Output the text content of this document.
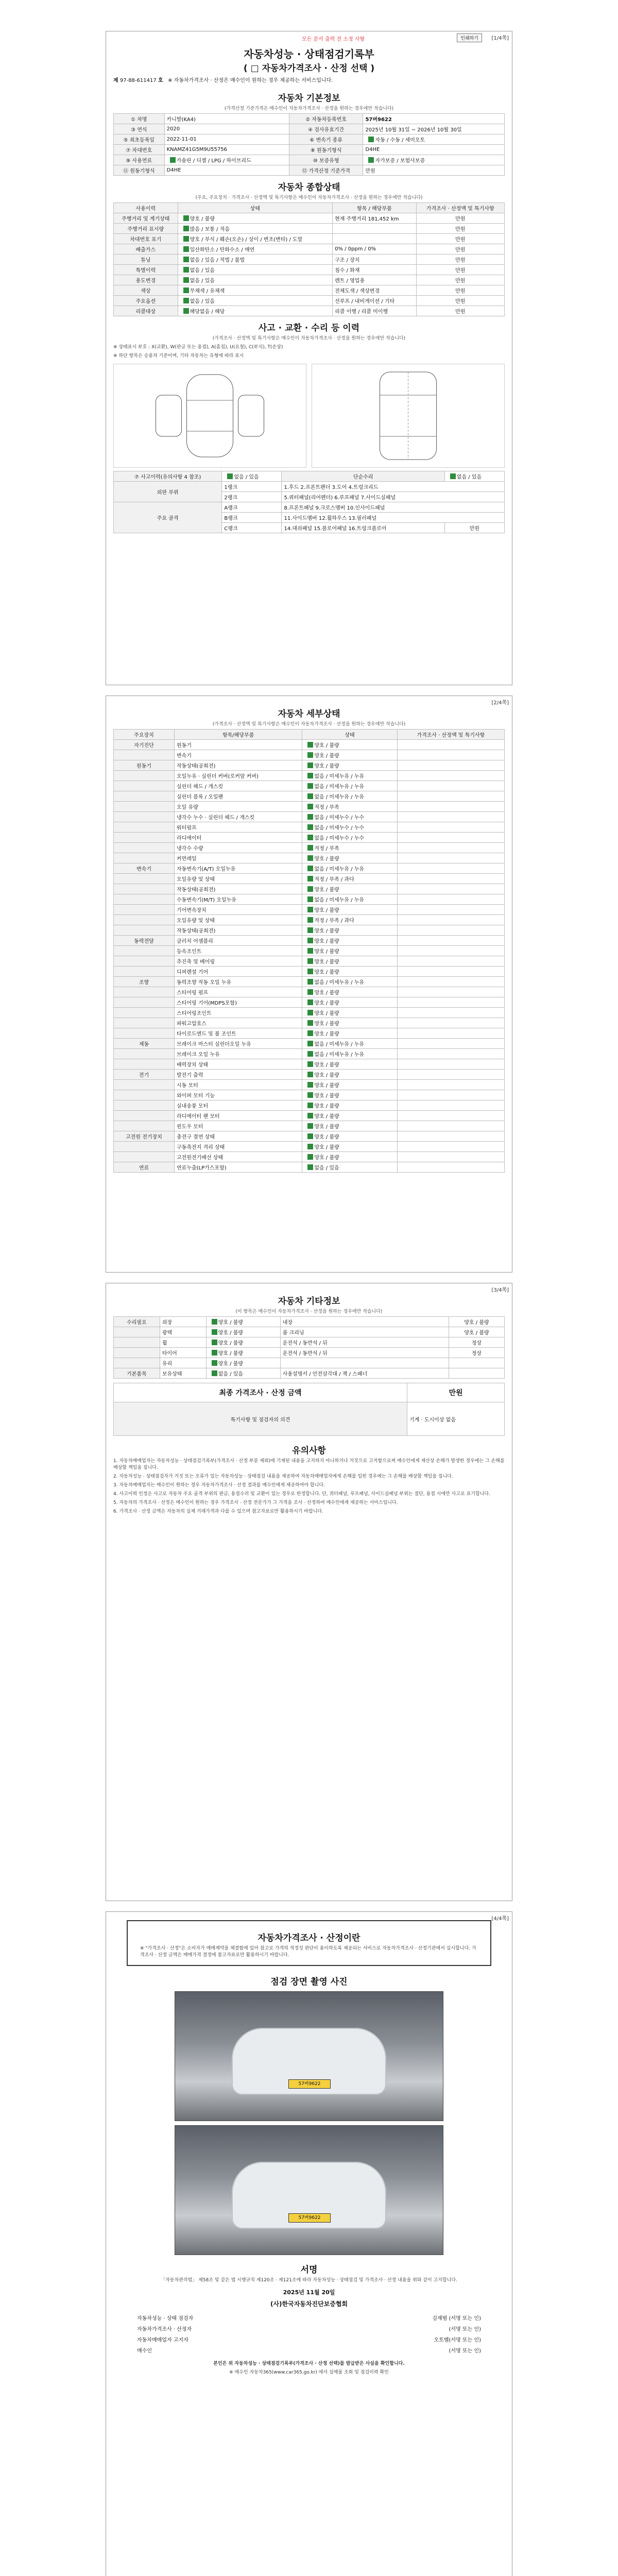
모든 문서 출력 전 소정 사항	인쇄하기	[1/4쪽]
자동차성능 · 상태점검기록부
( □ 자동차가격조사 · 산정 선택 )
제 97-88-611417 호 ※ 자동차가격조사 · 산정은 매수인이 원하는 경우 제공하는 서비스입니다.
자동차 기본정보
(가격산정 기준가격은 매수인이 자동차가격조사 · 산정을 원하는 경우에만 적습니다)
① 차명	카니발(KA4)	② 자동차등록번호	57버9622
③ 연식	2020	④ 검사유효기간	2025년 10월 31일 ~ 2026년 10월 30일
⑤ 최초등록일	2022-11-01	⑥ 변속기 종류	자동 / 수동 / 세미오토
⑦ 차대번호	KNAMZ41G5M9U55756	⑧ 원동기형식	D4HE
⑨ 사용연료	가솔린 / 디젤 / LPG / 하이브리드	⑩ 보증유형	자가보증 / 보험사보증
⑪ 원동기형식	D4HE	⑫ 가격산정 기준가격	만원
자동차 종합상태
(주요, 주요장치 · 가격조사 · 산정액 및 특기사항은 매수인이 자동차가격조사 · 산정을 원하는 경우에만 적습니다)
사용이력	상태	항목 / 해당부품	가격조사 · 산정액 및 특기사항
주행거리 및 계기상태	양호 / 불량	현재 주행거리 181,452 km	만원
주행거리 표시량	많음 / 보통 / 적음		만원
차대번호 표기	양호 / 부식 / 훼손(오손) / 상이 / 변조(변타) / 도말		만원
배출가스	일산화탄소 / 탄화수소 / 매연	0% / 0ppm / 0%	만원
튜닝	없음 / 있음 / 적법 / 불법	구조 / 장치	만원
특별이력	없음 / 있음	침수 / 화재	만원
용도변경	없음 / 있음	렌트 / 영업용	만원
색상	무채색 / 유채색	전체도색 / 색상변경	만원
주요옵션	없음 / 있음	선루프 / 내비게이션 / 기타	만원
리콜대상	해당없음 / 해당	리콜 이행 / 리콜 미이행	만원
사고 · 교환 · 수리 등 이력
(가격조사 · 산정액 및 특기사항은 매수인이 자동차가격조사 · 산정을 원하는 경우에만 적습니다)
※ 상태표시 부호 : X(교환), W(판금 또는 용접), A(흠집), U(요철), C(부식), T(손상)
※ 하단 항목은 승용차 기준이며, 기타 자동차는 유형에 따라 표시
⑦ 사고이력(유의사항 4 참조)	없음 / 있음	단순수리	없음 / 있음
외판 부위	1랭크	1.후드 2.프론트펜더 3.도어 4.트렁크리드	
	2랭크	5.쿼터패널(리어펜더) 6.루프패널 7.사이드실패널	
주요 골격	A랭크	8.프론트패널 9.크로스멤버 10.인사이드패널	
	B랭크	11.사이드멤버 12.휠하우스 13.필러패널	
	C랭크	14.대쉬패널 15.플로어패널 16.트렁크플로어	만원
[2/4쪽]
자동차 세부상태
(가격조사 · 산정액 및 특기사항은 매수인이 자동차가격조사 · 산정을 원하는 경우에만 적습니다)
주요장치	항목/해당부품	상태	가격조사 · 산정액 및 특기사항
자기진단	원동기	양호 / 불량	
	변속기	양호 / 불량	
원동기	작동상태(공회전)	양호 / 불량	
	오일누유 · 실린더 커버(로커암 커버)	없음 / 미세누유 / 누유	
	실린더 헤드 / 개스킷	없음 / 미세누유 / 누유	
	실린더 블록 / 오일팬	없음 / 미세누유 / 누유	
	오일 유량	적정 / 부족	
	냉각수 누수 · 실린더 헤드 / 개스킷	없음 / 미세누수 / 누수	
	워터펌프	없음 / 미세누수 / 누수	
	라디에이터	없음 / 미세누수 / 누수	
	냉각수 수량	적정 / 부족	
	커먼레일	양호 / 불량	
변속기	자동변속기(A/T) 오일누유	없음 / 미세누유 / 누유	
	오일유량 및 상태	적정 / 부족 / 과다	
	작동상태(공회전)	양호 / 불량	
	수동변속기(M/T) 오일누유	없음 / 미세누유 / 누유	
	기어변속장치	양호 / 불량	
	오일유량 및 상태	적정 / 부족 / 과다	
	작동상태(공회전)	양호 / 불량	
동력전달	클러치 어셈블리	양호 / 불량	
	등속조인트	양호 / 불량	
	추진축 및 베어링	양호 / 불량	
	디퍼렌셜 기어	양호 / 불량	
조향	동력조향 작동 오일 누유	없음 / 미세누유 / 누유	
	스티어링 펌프	양호 / 불량	
	스티어링 기어(MDPS포함)	양호 / 불량	
	스티어링조인트	양호 / 불량	
	파워고압호스	양호 / 불량	
	타이로드엔드 및 볼 조인트	양호 / 불량	
제동	브레이크 마스터 실린더오일 누유	없음 / 미세누유 / 누유	
	브레이크 오일 누유	없음 / 미세누유 / 누유	
	배력장치 상태	양호 / 불량	
전기	발전기 출력	양호 / 불량	
	시동 모터	양호 / 불량	
	와이퍼 모터 기능	양호 / 불량	
	실내송풍 모터	양호 / 불량	
	라디에이터 팬 모터	양호 / 불량	
	윈도우 모터	양호 / 불량	
고전원 전기장치	충전구 절연 상태	양호 / 불량	
	구동축전지 격리 상태	양호 / 불량	
	고전원전기배선 상태	양호 / 불량	
연료	연료누출(LP가스포함)	없음 / 있음	
[3/4쪽]
자동차 기타정보
(이 항목은 매수인이 자동차가격조사 · 산정을 원하는 경우에만 적습니다)
수리필요	외장	양호 / 불량	내장	양호 / 불량
	광택	양호 / 불량	룸 크리닝	양호 / 불량
	휠	양호 / 불량	운전석 / 동반석 / 뒤	정상
	타이어	양호 / 불량	운전석 / 동반석 / 뒤	정상
	유리	양호 / 불량		
기본품목	보유상태	없음 / 있음	사용설명서 / 안전삼각대 / 잭 / 스패너	
최종 가격조사 · 산정 금액	만원
특기사항 및 점검자의 의견	기계 · 도시이상 없음
유의사항
1. 자동차매매업자는 자동차성능 · 상태점검기록부(가격조사 · 산정 부분 제외)에 기재된 내용을 고지하지 아니하거나 거짓으로 고지함으로써 매수인에게 재산상 손해가 발생한 경우에는 그 손해를 배상할 책임을 집니다.
2. 자동차성능 · 상태점검자가 거짓 또는 오류가 있는 자동차성능 · 상태점검 내용을 제공하여 자동차매매업자에게 손해를 입힌 경우에는 그 손해를 배상할 책임을 집니다.
3. 자동차매매업자는 매수인이 원하는 경우 자동차가격조사 · 산정 결과를 매수인에게 제공하여야 합니다.
4. 사고이력 인정은 사고로 자동차 주요 골격 부위의 판금, 용접수리 및 교환이 있는 경우로 한정합니다. 단, 쿼터패널, 루프패널, 사이드실패널 부위는 절단, 용접 시에만 사고로 표기합니다.
5. 자동차의 가격조사 · 산정은 매수인이 원하는 경우 가격조사 · 산정 전문가가 그 가격을 조사 · 산정하여 매수인에게 제공하는 서비스입니다.
6. 가격조사 · 산정 금액은 자동차의 실제 거래가격과 다를 수 있으며 참고자료로만 활용하시기 바랍니다.
[4/4쪽]
자동차가격조사 · 산정이란
※ "가격조사 · 산정"은 소비자가 매매계약을 체결함에 있어 참고로 가격의 적정성 판단이 용이하도록 제공되는 서비스로 자동차가격조사 · 산정기관에서 실시합니다. 가격조사 · 산정 금액은 매매가격 결정에 참고자료로만 활용하시기 바랍니다.
점검 장면 촬영 사진
57버9622
57버9622
서명
「자동차관리법」 제58조 및 같은 법 시행규칙 제120조 · 제121조에 따라 자동차성능 · 상태점검 및 가격조사 · 산정 내용을 위와 같이 고지합니다.
2025년 11월 20일
(사)한국자동차진단보증협회
자동차성능 · 상태 점검자	김재범 (서명 또는 인)
자동차가격조사 · 산정자	(서명 또는 인)
자동차매매업자 고지자	오토벨(서명 또는 인)
매수인	(서명 또는 인)
본인은 위 자동차성능 · 상태점검기록부(가격조사 · 산정 선택)를 발급받은 사실을 확인합니다.
※ 매수인 자동차365(www.car365.go.kr) 에서 실매물 조회 및 점검이력 확인
